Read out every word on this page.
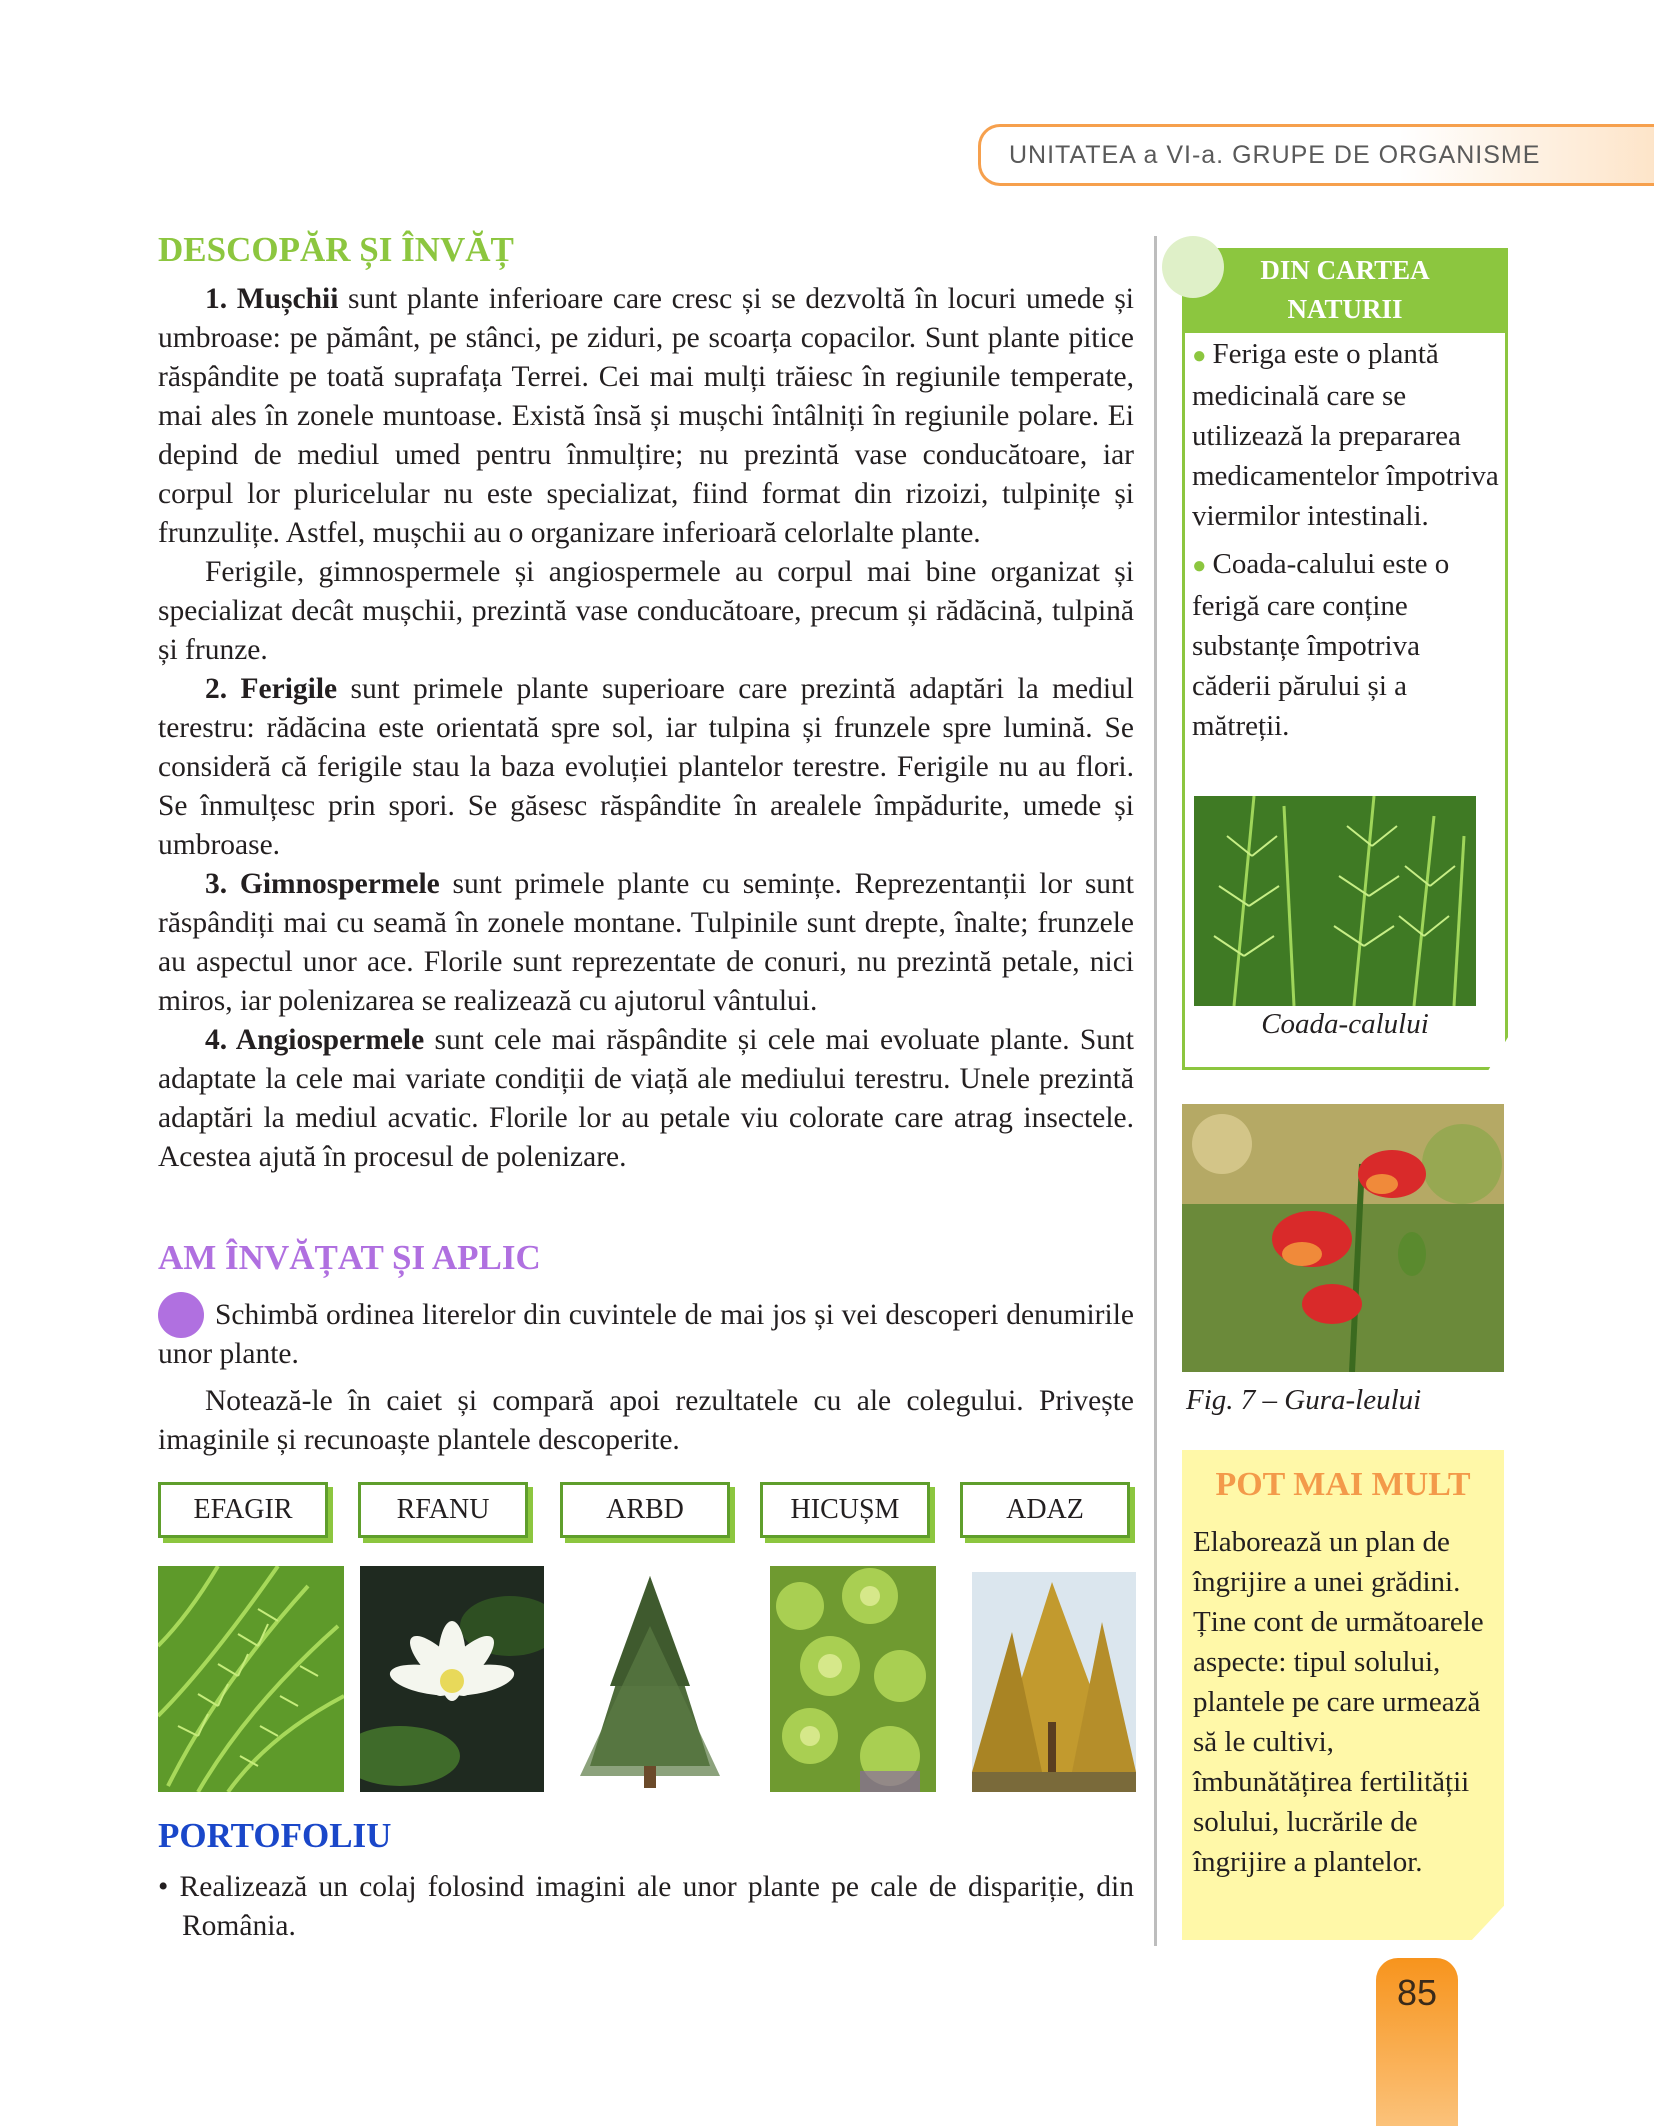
UNITATEA a VI-a. GRUPE DE ORGANISME
DESCOPĂR ȘI ÎNVĂȚ

1. Mușchii sunt plante inferioare care cresc și se dezvoltă în locuri umede și umbroase: pe pământ, pe stânci, pe ziduri, pe scoarța copacilor. Sunt plante pitice răspândite pe toată suprafața Terrei. Cei mai mulți trăiesc în regiunile temperate, mai ales în zonele muntoase. Există însă și mușchi întâlniți în regiunile polare. Ei depind de mediul umed pentru înmulțire; nu prezintă vase conducătoare, iar corpul lor pluricelular nu este specializat, fiind format din rizoizi, tulpinițe și frunzulițe. Astfel, mușchii au o organizare inferioară celorlalte plante.

Ferigile, gimnospermele și angiospermele au corpul mai bine organizat și specializat decât mușchii, prezintă vase conducătoare, precum și rădăcină, tulpină și frunze.

2. Ferigile sunt primele plante superioare care prezintă adaptări la mediul terestru: rădăcina este orientată spre sol, iar tulpina și frunzele spre lumină. Se consideră că ferigile stau la baza evoluției plantelor terestre. Ferigile nu au flori. Se înmulțesc prin spori. Se găsesc răspândite în arealele împădurite, umede și umbroase.

3. Gimnospermele sunt primele plante cu semințe. Reprezentanții lor sunt răspândiți mai cu seamă în zonele montane. Tulpinile sunt drepte, înalte; frunzele au aspectul unor ace. Florile sunt reprezentate de conuri, nu prezintă petale, nici miros, iar polenizarea se realizează cu ajutorul vântului.

4. Angiospermele sunt cele mai răspândite și cele mai evoluate plante. Sunt adaptate la cele mai variate condiții de viață ale mediului terestru. Unele prezintă adaptări la mediul acvatic. Florile lor au petale viu colorate care atrag insectele. Acestea ajută în procesul de polenizare.

AM ÎNVĂȚAT ȘI APLIC

Schimbă ordinea literelor din cuvintele de mai jos și vei descoperi denumirile unor plante.

Notează-le în caiet și compară apoi rezultatele cu ale colegului. Privește imaginile și recunoaște plantele descoperite.

EFAGIR	RFANU	ARBD	HICUȘM	ADAZ
PORTOFOLIU

• Realizează un colaj folosind imagini ale unor plante pe cale de dispariție, din România.

DIN CARTEA
NATURII
● Feriga este o plantă medicinală care se utilizează la prepararea medicamentelor împotriva viermilor intestinali.
● Coada-calului este o ferigă care conține substanțe împotriva căderii părului și a mătreții.
Coada-calului
Fig. 7 – Gura-leului
POT MAI MULT
Elaborează un plan de îngrijire a unei grădini. Ține cont de următoarele aspecte: tipul solului, plantele pe care urmează să le cultivi, îmbunătățirea fertilității solului, lucrările de îngrijire a plantelor.
85
